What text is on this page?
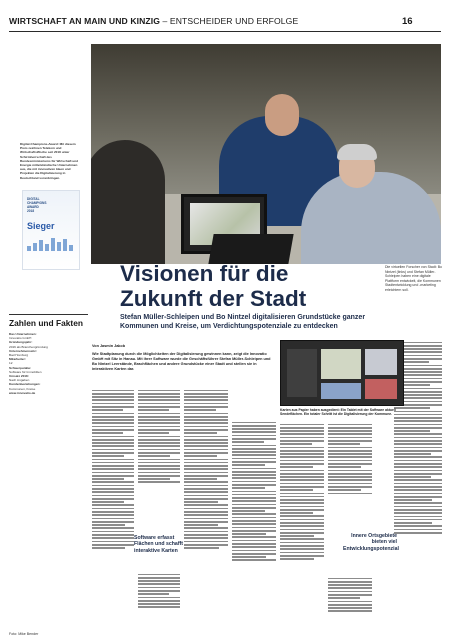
WIRTSCHAFT AN MAIN UND KINZIG – ENTSCHEIDER UND ERFOLGE	16
Digital-Champions-Award: Mit diesem Preis zeichnen Telekom und WirtschaftsWoche seit 2018 unter Schirmherrschaft des Bundesministeriums für Wirtschaft und Energie mittelständische Unternehmen aus, die mit innovativen Ideen und Projekten die Digitalisierung in Deutschland voranbringen.
DIGITAL
CHAMPIONS
AWARD
2018
Sieger
Zahlen und Fakten
Das Unternehmen:
Innovatio GmbH
Gründungsjahr:
2016 als Branchengründung
Unternehmenssitz:
Bad Homburg
Mitarbeiter:
12
Schwerpunkte:
Software für Immobilien
Umsatz 2018:
Nach Angaben
Kundenbeziehungen:
Kommunen, Kreise
www.innovatio.de
Visionen für die
Zukunft der Stadt
Die virtuellen Forscher von Stadt: Bo Nintzel (links) und Stefan Müller-Schleipen haben eine digitale Plattform entwickelt, die Kommunen Stadtentwicklung und -marketing erleichtern soll.
Stefan Müller-Schleipen und Bo Nintzel digitalisieren Grundstücke ganzer Kommunen und Kreise, um Verdichtungspotenziale zu entdecken
Von Jasmin Jakob
Wie Stadtplanung durch die Möglichkeiten der Digitalisierung gewinnen kann, zeigt die Innovatio GmbH mit Sitz in Hanau. Mit ihrer Software wurde die Geschäftsführer Stefan Müller-Schleipen und Bo Nintzel Leerstände, Brachflächen und andere Grundstücke einer Stadt und stellen sie in interaktiven Karten dar.
Karten aus Papier haben ausgedient: Ein Tablet mit der Software aktuell Sendeflächen. Ein totaler Schritt ist die Digitalisierung der Kommune.
Software erfasst Flächen und schafft interaktive Karten
Innere Ortsgebiete bieten viel Entwicklungspotenzial
Foto: Mike Bender
